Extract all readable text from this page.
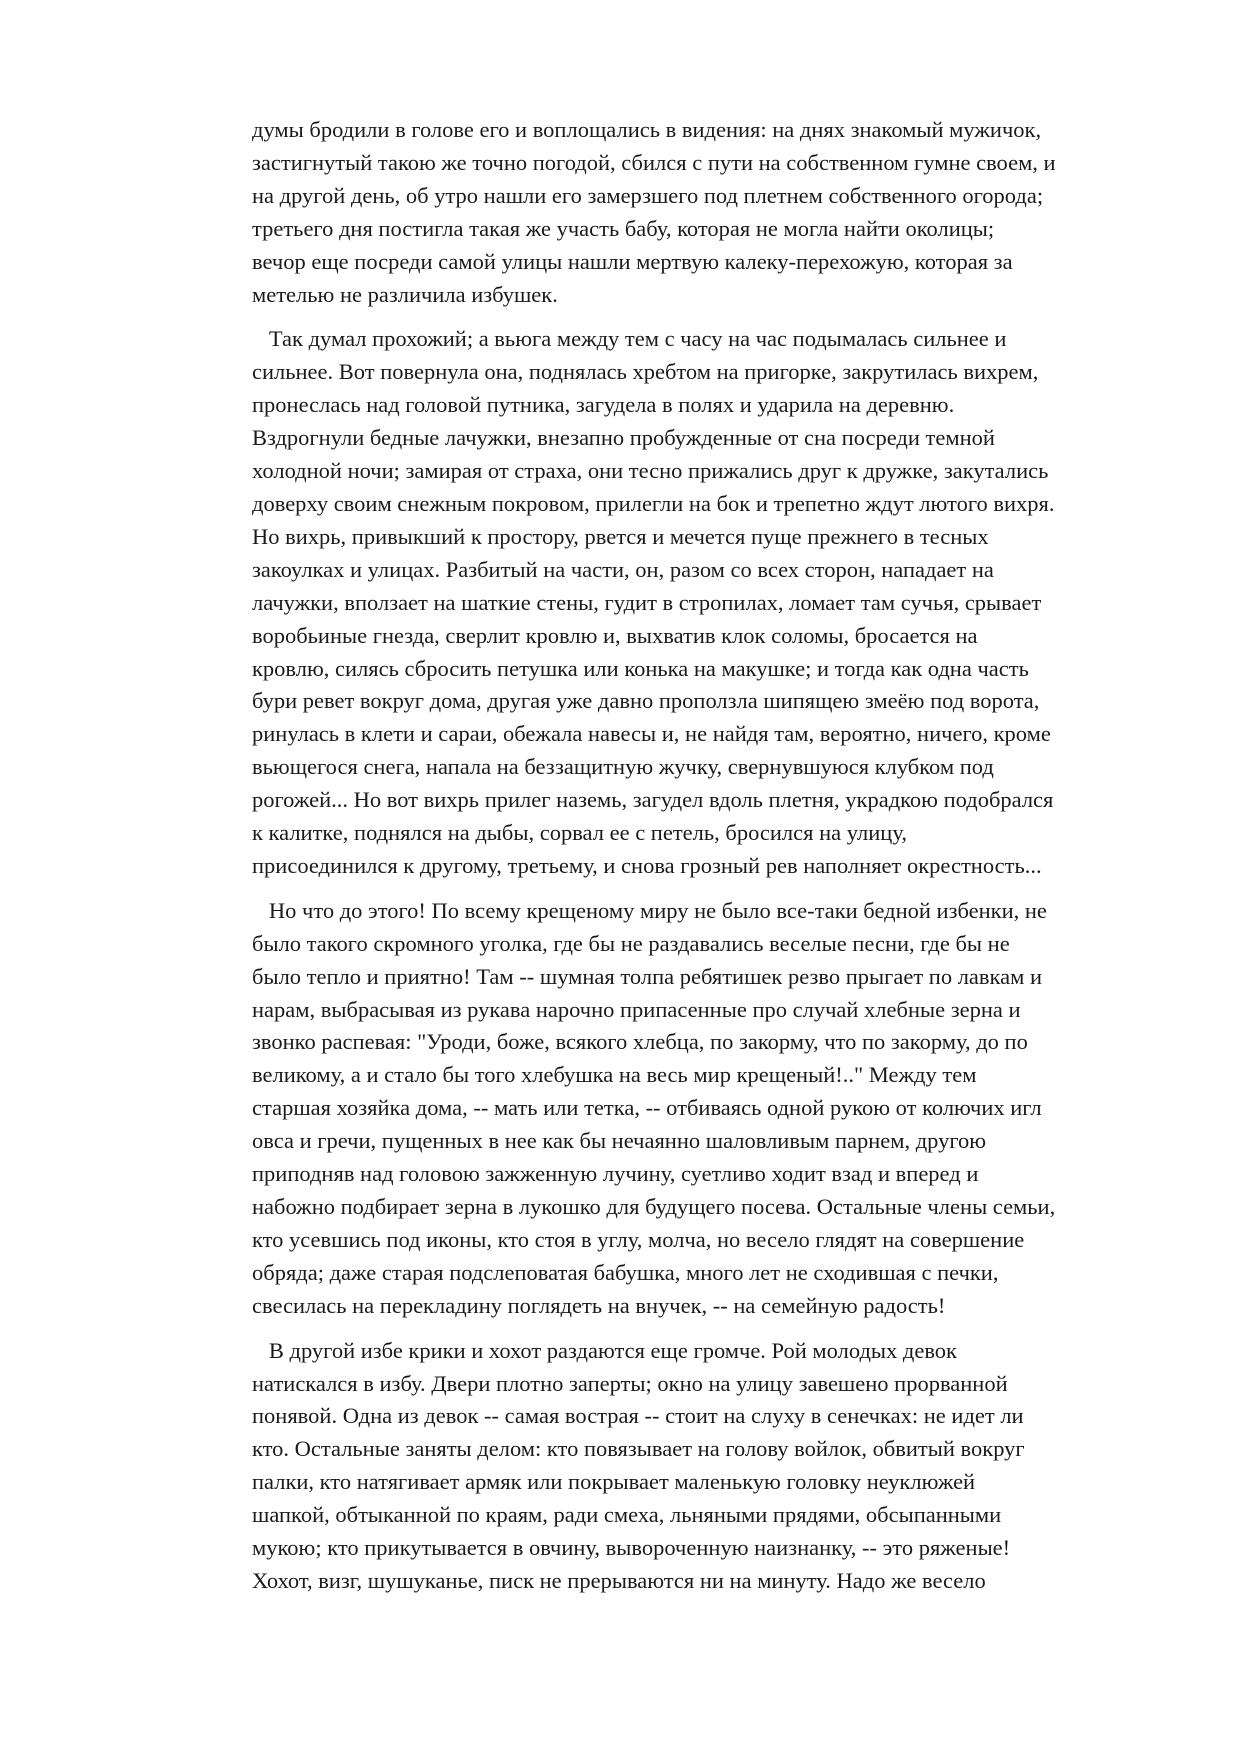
думы бродили в голове его и воплощались в видения: на днях знакомый мужичок,
застигнутый такою же точно погодой, сбился с пути на собственном гумне своем, и
на другой день, об утро нашли его замерзшего под плетнем собственного огорода;
третьего дня постигла такая же участь бабу, которая не могла найти околицы;
вечор еще посреди самой улицы нашли мертвую калеку-перехожую, которая за
метелью не различила избушек.

Так думал прохожий; а вьюга между тем с часу на час подымалась сильнее и
сильнее. Вот повернула она, поднялась хребтом на пригорке, закрутилась вихрем,
пронеслась над головой путника, загудела в полях и ударила на деревню.
Вздрогнули бедные лачужки, внезапно пробужденные от сна посреди темной
холодной ночи; замирая от страха, они тесно прижались друг к дружке, закутались
доверху своим снежным покровом, прилегли на бок и трепетно ждут лютого вихря.
Но вихрь, привыкший к простору, рвется и мечется пуще прежнего в тесных
закоулках и улицах. Разбитый на части, он, разом со всех сторон, нападает на
лачужки, вползает на шаткие стены, гудит в стропилах, ломает там сучья, срывает
воробьиные гнезда, сверлит кровлю и, выхватив клок соломы, бросается на
кровлю, силясь сбросить петушка или конька на макушке; и тогда как одна часть
бури ревет вокруг дома, другая уже давно проползла шипящею змеёю под ворота,
ринулась в клети и сараи, обежала навесы и, не найдя там, вероятно, ничего, кроме
вьющегося снега, напала на беззащитную жучку, свернувшуюся клубком под
рогожей... Но вот вихрь прилег наземь, загудел вдоль плетня, украдкою подобрался
к калитке, поднялся на дыбы, сорвал ее с петель, бросился на улицу,
присоединился к другому, третьему, и снова грозный рев наполняет окрестность...

Но что до этого! По всему крещеному миру не было все-таки бедной избенки, не
было такого скромного уголка, где бы не раздавались веселые песни, где бы не
было тепло и приятно! Там -- шумная толпа ребятишек резво прыгает по лавкам и
нарам, выбрасывая из рукава нарочно припасенные про случай хлебные зерна и
звонко распевая: "Уроди, боже, всякого хлебца, по закорму, что по закорму, до по
великому, а и стало бы того хлебушка на весь мир крещеный!.." Между тем
старшая хозяйка дома, -- мать или тетка, -- отбиваясь одной рукою от колючих игл
овса и гречи, пущенных в нее как бы нечаянно шаловливым парнем, другою
приподняв над головою зажженную лучину, суетливо ходит взад и вперед и
набожно подбирает зерна в лукошко для будущего посева. Остальные члены семьи,
кто усевшись под иконы, кто стоя в углу, молча, но весело глядят на совершение
обряда; даже старая подслеповатая бабушка, много лет не сходившая с печки,
свесилась на перекладину поглядеть на внучек, -- на семейную радость!

В другой избе крики и хохот раздаются еще громче. Рой молодых девок
натискался в избу. Двери плотно заперты; окно на улицу завешено прорванной
понявой. Одна из девок -- самая вострая -- стоит на слуху в сенечках: не идет ли
кто. Остальные заняты делом: кто повязывает на голову войлок, обвитый вокруг
палки, кто натягивает армяк или покрывает маленькую головку неуклюжей
шапкой, обтыканной по краям, ради смеха, льняными прядями, обсыпанными
мукою; кто прикутывается в овчину, вывороченную наизнанку, -- это ряженые!
Хохот, визг, шушуканье, писк не прерываются ни на минуту. Надо же весело
